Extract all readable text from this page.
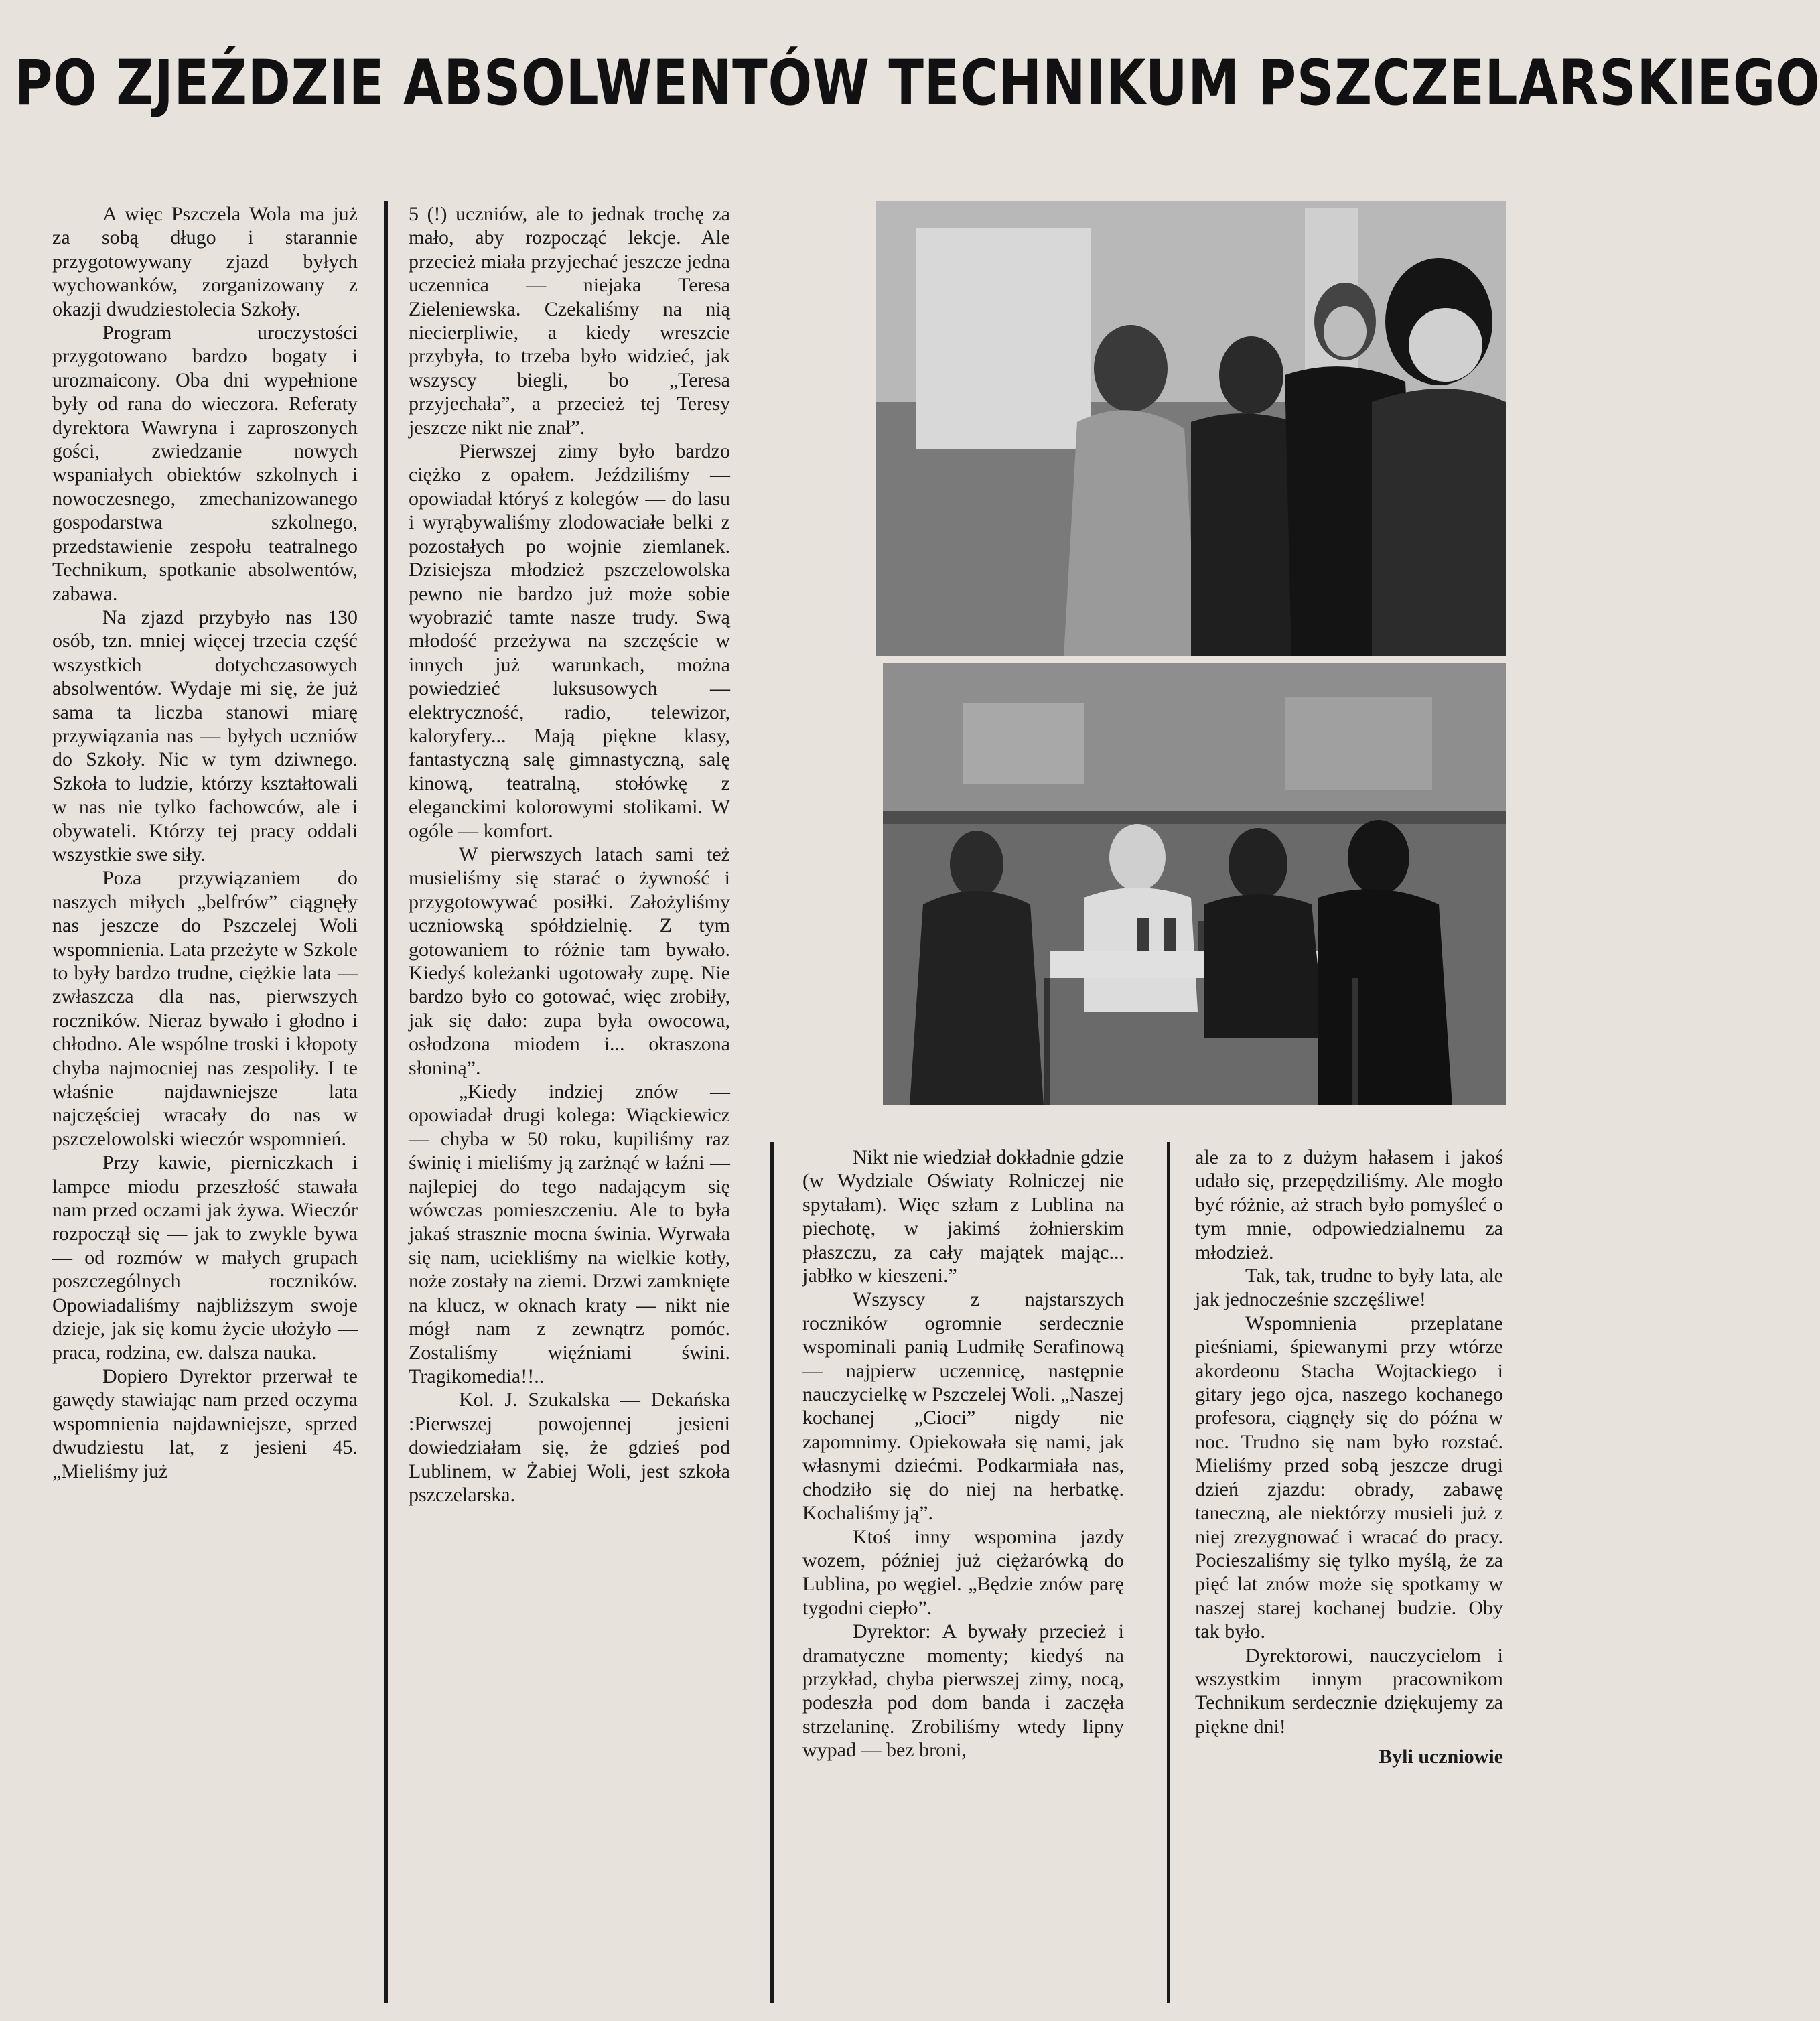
PO ZJEŹDZIE ABSOLWENTÓW TECHNIKUM PSZCZELARSKIEGO

A więc Pszczela Wola ma już za sobą długo i starannie przygotowywany zjazd byłych wychowanków, zorganizowany z okazji dwudziestolecia Szkoły.

Program uroczystości przygotowano bardzo bogaty i urozmaicony. Oba dni wypełnione były od rana do wieczora. Referaty dyrektora Wawryna i zaproszonych gości, zwiedzanie nowych wspaniałych obiektów szkolnych i nowoczesnego, zmechanizowanego gospodarstwa szkolnego, przedstawienie zespołu teatralnego Technikum, spotkanie absolwentów, zabawa.

Na zjazd przybyło nas 130 osób, tzn. mniej więcej trzecia część wszystkich dotychczasowych absolwentów. Wydaje mi się, że już sama ta liczba stanowi miarę przywiązania nas — byłych uczniów do Szkoły. Nic w tym dziwnego. Szkoła to ludzie, którzy kształtowali w nas nie tylko fachowców, ale i obywateli. Którzy tej pracy oddali wszystkie swe siły.

Poza przywiązaniem do naszych miłych „belfrów” ciągnęły nas jeszcze do Pszczelej Woli wspomnienia. Lata przeżyte w Szkole to były bardzo trudne, ciężkie lata — zwłaszcza dla nas, pierwszych roczników. Nieraz bywało i głodno i chłodno. Ale wspólne troski i kłopoty chyba najmocniej nas zespoliły. I te właśnie najdawniejsze lata najczęściej wracały do nas w pszczelowolski wieczór wspomnień.

Przy kawie, pierniczkach i lampce miodu przeszłość stawała nam przed oczami jak żywa. Wieczór rozpoczął się — jak to zwykle bywa — od rozmów w małych grupach poszczególnych roczników. Opowiadaliśmy najbliższym swoje dzieje, jak się komu życie ułożyło — praca, rodzina, ew. dalsza nauka.

Dopiero Dyrektor przerwał te gawędy stawiając nam przed oczyma wspomnienia najdawniejsze, sprzed dwudziestu lat, z jesieni 45. „Mieliśmy już

5 (!) uczniów, ale to jednak trochę za mało, aby rozpocząć lekcje. Ale przecież miała przyjechać jeszcze jedna uczennica — niejaka Teresa Zieleniewska. Czekaliśmy na nią niecierpliwie, a kiedy wreszcie przybyła, to trzeba było widzieć, jak wszyscy biegli, bo „Teresa przyjechała”, a przecież tej Teresy jeszcze nikt nie znał”.

Pierwszej zimy było bardzo ciężko z opałem. Jeździliśmy — opowiadał któryś z kolegów — do lasu i wyrąbywaliśmy zlodowaciałe belki z pozostałych po wojnie ziemlanek. Dzisiejsza młodzież pszczelowolska pewno nie bardzo już może sobie wyobrazić tamte nasze trudy. Swą młodość przeżywa na szczęście w innych już warunkach, można powiedzieć luksusowych — elektryczność, radio, telewizor, kaloryfery... Mają piękne klasy, fantastyczną salę gimnastyczną, salę kinową, teatralną, stołówkę z eleganckimi kolorowymi stolikami. W ogóle — komfort.

W pierwszych latach sami też musieliśmy się starać o żywność i przygotowywać posiłki. Założyliśmy uczniowską spółdzielnię. Z tym gotowaniem to różnie tam bywało. Kiedyś koleżanki ugotowały zupę. Nie bardzo było co gotować, więc zrobiły, jak się dało: zupa była owocowa, osłodzona miodem i... okraszona słoniną”.

„Kiedy indziej znów — opowiadał drugi kolega: Wiąckiewicz — chyba w 50 roku, kupiliśmy raz świnię i mieliśmy ją zarżnąć w łaźni — najlepiej do tego nadającym się wówczas pomieszczeniu. Ale to była jakaś strasznie mocna świnia. Wyrwała się nam, uciekliśmy na wielkie kotły, noże zostały na ziemi. Drzwi zamknięte na klucz, w oknach kraty — nikt nie mógł nam z zewnątrz pomóc. Zostaliśmy więźniami świni. Tragikomedia!!..

Kol. J. Szukalska — Dekańska :Pierwszej powojennej jesieni dowiedziałam się, że gdzieś pod Lublinem, w Żabiej Woli, jest szkoła pszczelarska.

Nikt nie wiedział dokładnie gdzie (w Wydziale Oświaty Rolniczej nie spytałam). Więc szłam z Lublina na piechotę, w jakimś żołnierskim płaszczu, za cały majątek mając... jabłko w kieszeni.”

Wszyscy z najstarszych roczników ogromnie serdecznie wspominali panią Ludmiłę Serafinową — najpierw uczennicę, następnie nauczycielkę w Pszczelej Woli. „Naszej kochanej „Cioci” nigdy nie zapomnimy. Opiekowała się nami, jak własnymi dziećmi. Podkarmiała nas, chodziło się do niej na herbatkę. Kochaliśmy ją”.

Ktoś inny wspomina jazdy wozem, później już ciężarówką do Lublina, po węgiel. „Będzie znów parę tygodni ciepło”.

Dyrektor: A bywały przecież i dramatyczne momenty; kiedyś na przykład, chyba pierwszej zimy, nocą, podeszła pod dom banda i zaczęła strzelaninę. Zrobiliśmy wtedy lipny wypad — bez broni,

ale za to z dużym hałasem i jakoś udało się, przepędziliśmy. Ale mogło być różnie, aż strach było pomyśleć o tym mnie, odpowiedzialnemu za młodzież.

Tak, tak, trudne to były lata, ale jak jednocześnie szczęśliwe!

Wspomnienia przeplatane pieśniami, śpiewanymi przy wtórze akordeonu Stacha Wojtackiego i gitary jego ojca, naszego kochanego profesora, ciągnęły się do późna w noc. Trudno się nam było rozstać. Mieliśmy przed sobą jeszcze drugi dzień zjazdu: obrady, zabawę taneczną, ale niektórzy musieli już z niej zrezygnować i wracać do pracy. Pocieszaliśmy się tylko myślą, że za pięć lat znów może się spotkamy w naszej starej kochanej budzie. Oby tak było.

Dyrektorowi, nauczycielom i wszystkim innym pracownikom Technikum serdecznie dziękujemy za piękne dni!

Byli uczniowie
